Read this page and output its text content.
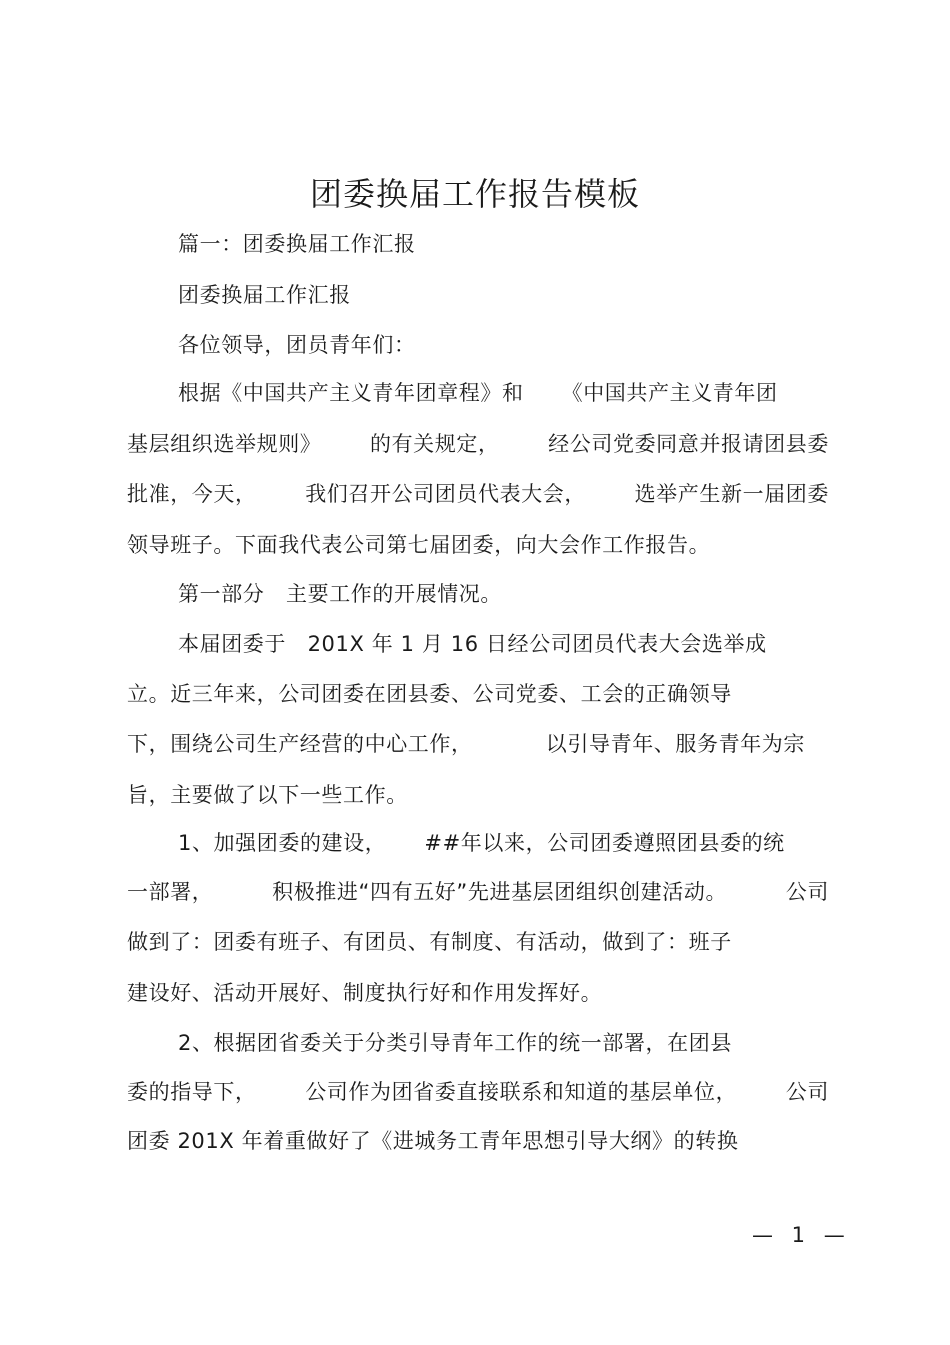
团委换届工作报告模板
篇一：团委换届工作汇报
团委换届工作汇报
各位领导，团员青年们：
根据《中国共产主义青年团章程》和 《中国共产主义青年团
基层组织选举规则》 的有关规定， 经公司党委同意并报请团县委
批准，今天， 我们召开公司团员代表大会， 选举产生新一届团委
领导班子。下面我代表公司第七届团委，向大会作工作报告。
第一部分　主要工作的开展情况。
本届团委于　201X 年 1 月 16 日经公司团员代表大会选举成
立。近三年来，公司团委在团县委、公司党委、工会的正确领导
下，围绕公司生产经营的中心工作，	以引导青年、服务青年为宗
旨，主要做了以下一些工作。
1、加强团委的建设， ##年以来，公司团委遵照团县委的统
一部署，	积极推进“四有五好”先进基层团组织创建活动。	公司
做到了：团委有班子、有团员、有制度、有活动，做到了：班子
建设好、活动开展好、制度执行好和作用发挥好。
2、根据团省委关于分类引导青年工作的统一部署，在团县
委的指导下， 公司作为团省委直接联系和知道的基层单位， 公司
团委 201X 年着重做好了《进城务工青年思想引导大纲》的转换
— 1 —
